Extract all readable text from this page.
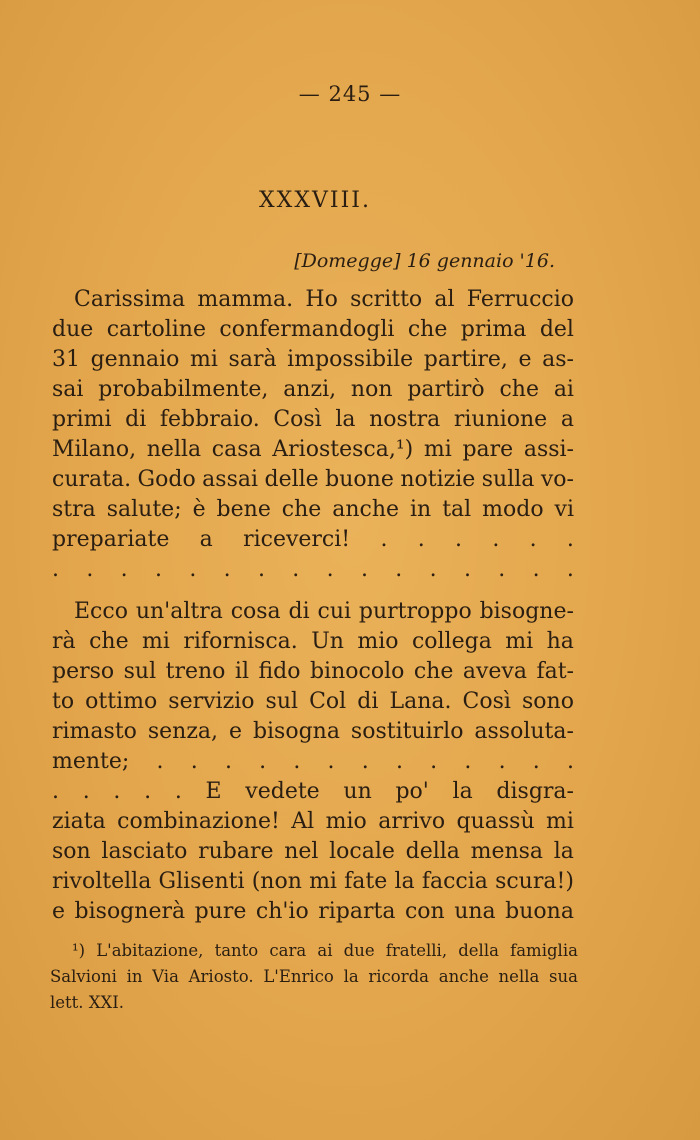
— 245 —
XXXVIII.
[Domegge] 16 gennaio '16.
Carissima mamma. Ho scritto al Ferruccio
due cartoline confermandogli che prima del
31 gennaio mi sarà impossibile partire, e as-
sai probabilmente, anzi, non partirò che ai
primi di febbraio. Così la nostra riunione a
Milano, nella casa Ariostesca,¹) mi pare assi-
curata. Godo assai delle buone notizie sulla vo-
stra salute; è bene che anche in tal modo vi
prepariate a riceverci! . . . . . .
. . . . . . . . . . . . . . . .
Ecco un'altra cosa di cui purtroppo bisogne-
rà che mi rifornisca. Un mio collega mi ha
perso sul treno il fido binocolo che aveva fat-
to ottimo servizio sul Col di Lana. Così sono
rimasto senza, e bisogna sostituirlo assoluta-
mente; . . . . . . . . . . . . .
. . . . . E vedete un po' la disgra-
ziata combinazione! Al mio arrivo quassù mi
son lasciato rubare nel locale della mensa la
rivoltella Glisenti (non mi fate la faccia scura!)
e bisognerà pure ch'io riparta con una buona
¹) L'abitazione, tanto cara ai due fratelli, della famiglia
Salvioni in Via Ariosto. L'Enrico la ricorda anche nella sua
lett. XXI.
